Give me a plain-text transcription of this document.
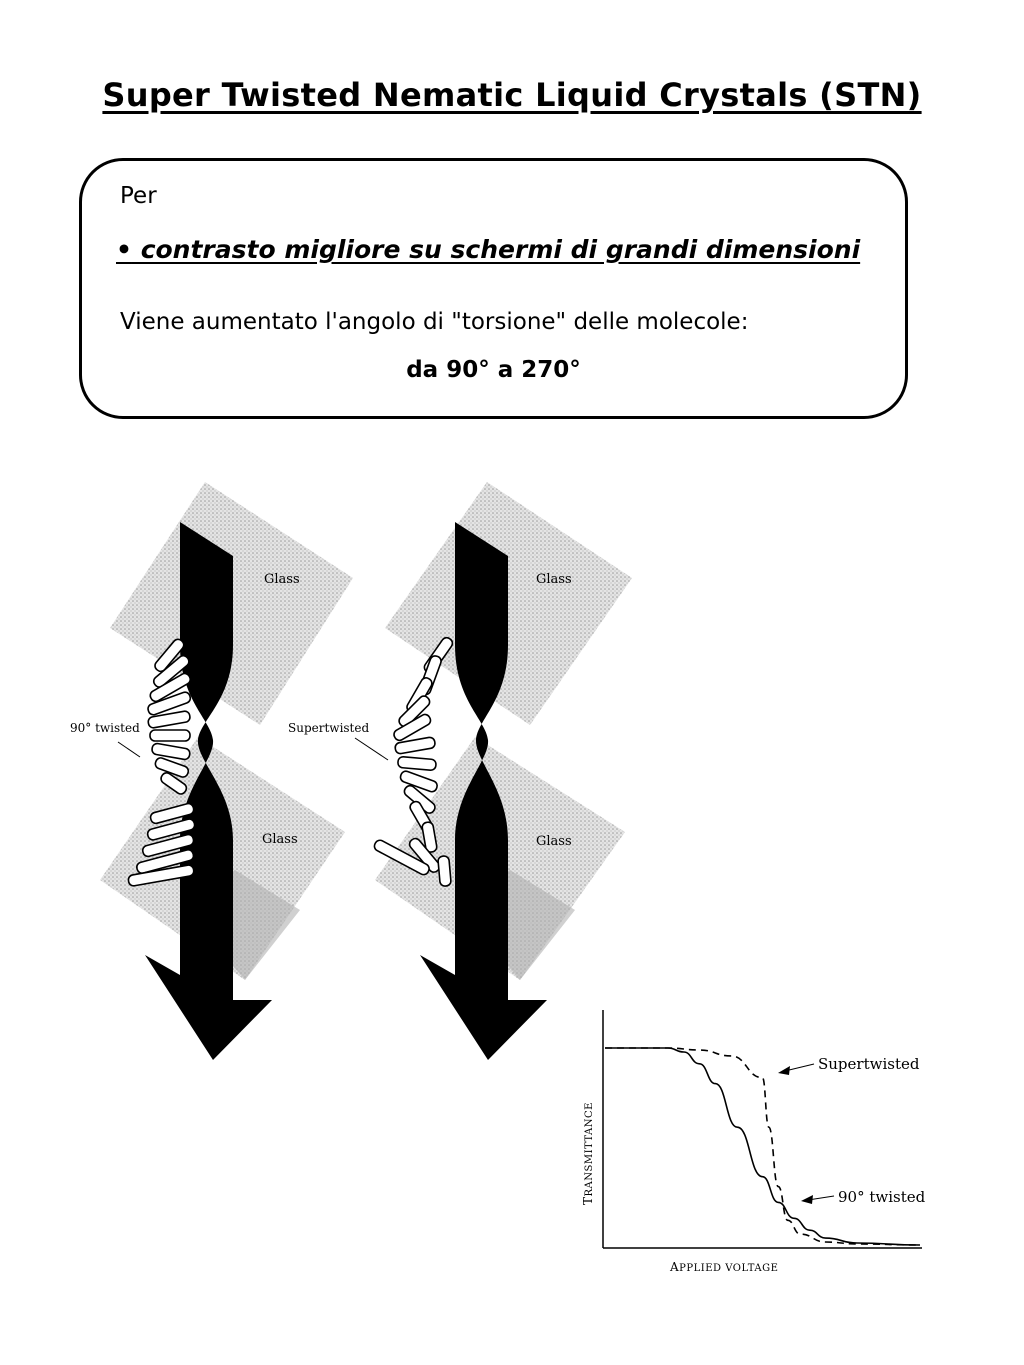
Super Twisted Nematic Liquid Crystals (STN)
Per
• contrasto migliore su schermi di grandi dimensioni
Viene aumentato l'angolo di "torsione" delle molecole:
da 90° a 270°
Glass
Glass
90° twisted
Glass
Glass
Supertwisted
APPLIED VOLTAGE
TRANSMITTANCE
Supertwisted
90° twisted
